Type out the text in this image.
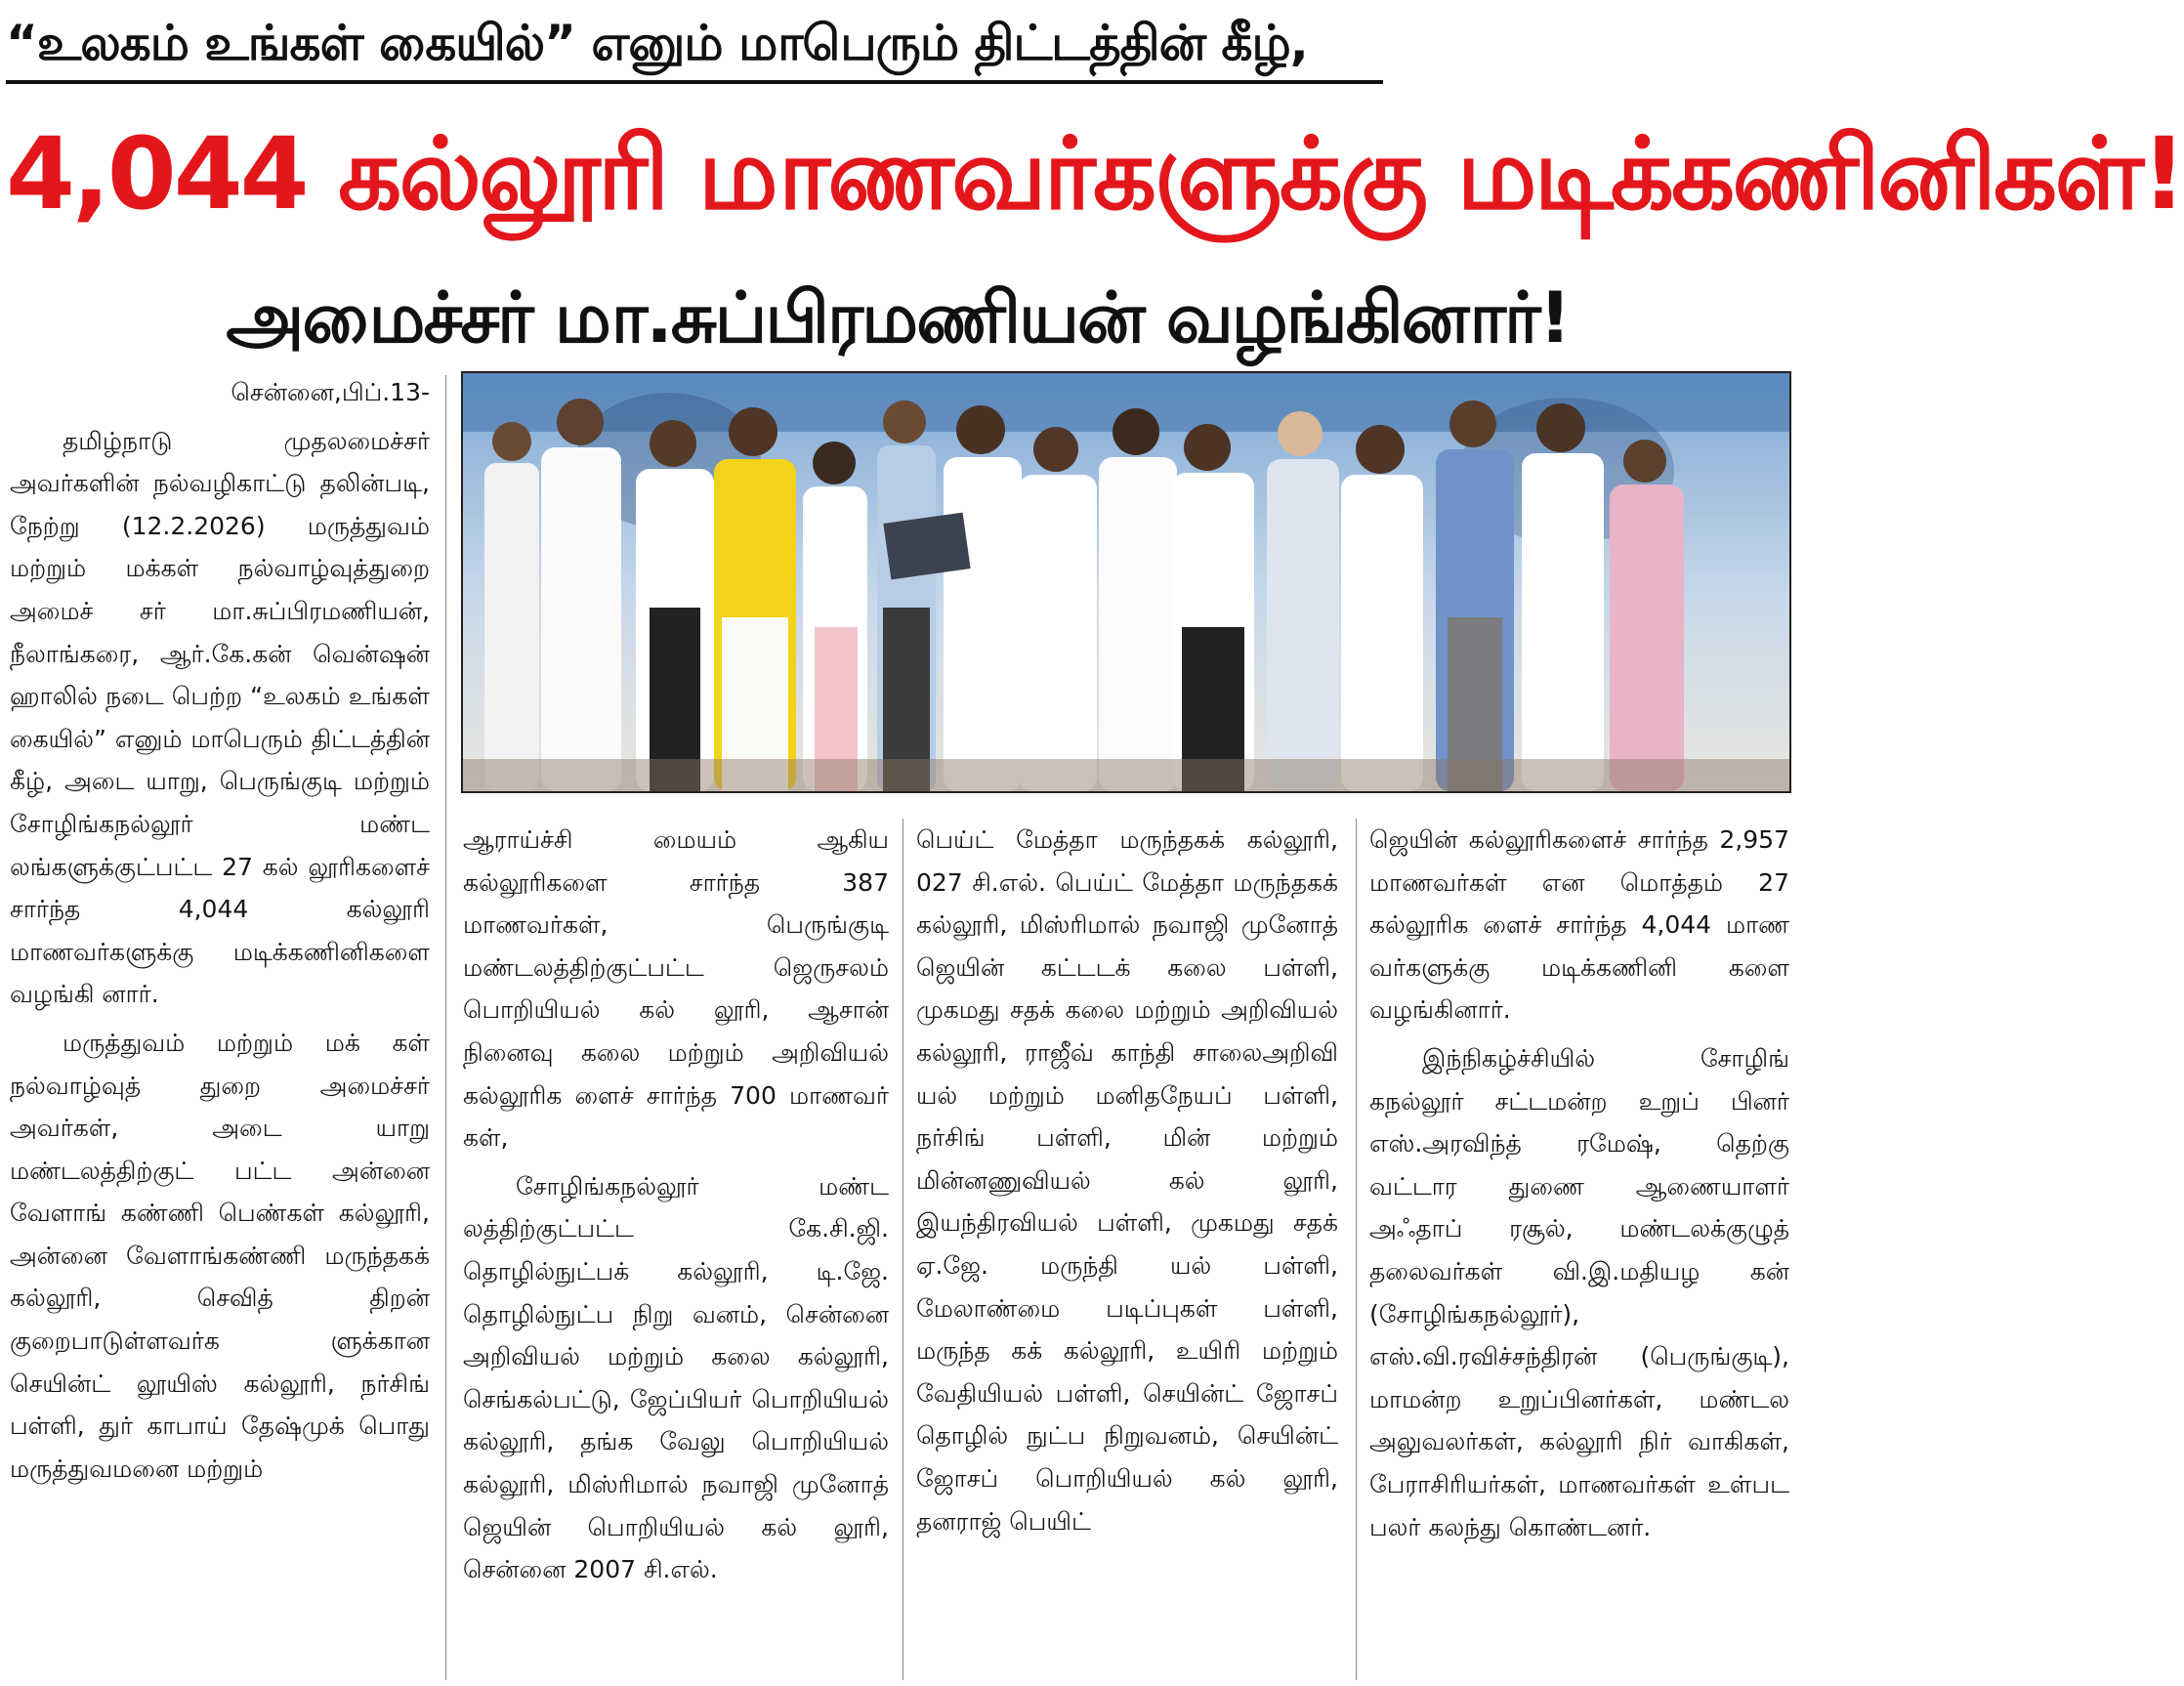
“உலகம் உங்கள் கையில்” எனும் மாபெரும் திட்டத்தின் கீழ்,
4,044 கல்லூரி மாணவர்களுக்கு மடிக்கணினிகள்!
அமைச்சர் மா.சுப்பிரமணியன் வழங்கினார்!

சென்னை,பிப்.13-

தமிழ்நாடு முதலமைச்சர் அவர்களின் நல்வழிகாட்டு தலின்படி, நேற்று (12.2.2026) மருத்துவம் மற்றும் மக்கள் நல்வாழ்வுத்துறை அமைச் சர் மா.சுப்பிரமணியன், நீலாங்கரை, ஆர்.கே.கன் வென்ஷன் ஹாலில் நடை பெற்ற “உலகம் உங்கள் கையில்” எனும் மாபெரும் திட்டத்தின் கீழ், அடை யாறு, பெருங்குடி மற்றும் சோழிங்கநல்லூர் மண்ட லங்களுக்குட்பட்ட 27 கல் லூரிகளைச் சார்ந்த 4,044 கல்லூரி மாணவர்களுக்கு மடிக்கணினிகளை வழங்கி னார்.

மருத்துவம் மற்றும் மக் கள் நல்வாழ்வுத் துறை அமைச்சர் அவர்கள், அடை யாறு மண்டலத்திற்குட் பட்ட அன்னை வேளாங் கண்ணி பெண்கள் கல்லூரி, அன்னை வேளாங்கண்ணி மருந்தகக் கல்லூரி, செவித் திறன் குறைபாடுள்ளவர்க ளுக்கான செயின்ட் லூயிஸ் கல்லூரி, நர்சிங் பள்ளி, துர் காபாய் தேஷ்முக் பொது மருத்துவமனை மற்றும்

ஆராய்ச்சி மையம் ஆகிய கல்லூரிகளை சார்ந்த 387 மாணவர்கள், பெருங்குடி மண்டலத்திற்குட்பட்ட ஜெருசலம் பொறியியல் கல் லூரி, ஆசான் நினைவு கலை மற்றும் அறிவியல் கல்லூரிக ளைச் சார்ந்த 700 மாணவர் கள்,

சோழிங்கநல்லூர் மண்ட லத்திற்குட்பட்ட கே.சி.ஜி. தொழில்நுட்பக் கல்லூரி, டி.ஜே. தொழில்நுட்ப நிறு வனம், சென்னை அறிவியல் மற்றும் கலை கல்லூரி, செங்கல்பட்டு, ஜேப்பியர் பொறியியல் கல்லூரி, தங்க வேலு பொறியியல் கல்லூரி, மிஸ்ரிமால் நவாஜி முனோத் ஜெயின் பொறியியல் கல் லூரி, சென்னை 2007 சி.எல்.

பெய்ட் மேத்தா மருந்தகக் கல்லூரி, 027 சி.எல். பெய்ட் மேத்தா மருந்தகக் கல்லூரி, மிஸ்ரிமால் நவாஜி முனோத் ஜெயின் கட்டடக் கலை பள்ளி, முகமது சதக் கலை மற்றும் அறிவியல் கல்லூரி, ராஜீவ் காந்தி சாலைஅறிவி யல் மற்றும் மனிதநேயப் பள்ளி, நர்சிங் பள்ளி, மின் மற்றும் மின்னணுவியல் கல் லூரி, இயந்திரவியல் பள்ளி, முகமது சதக் ஏ.ஜே. மருந்தி யல் பள்ளி, மேலாண்மை படிப்புகள் பள்ளி, மருந்த கக் கல்லூரி, உயிரி மற்றும் வேதியியல் பள்ளி, செயின்ட் ஜோசப் தொழில் நுட்ப நிறுவனம், செயின்ட் ஜோசப் பொறியியல் கல் லூரி, தனராஜ் பெயிட்

ஜெயின் கல்லூரிகளைச் சார்ந்த 2,957 மாணவர்கள் என மொத்தம் 27 கல்லூரிக ளைச் சார்ந்த 4,044 மாண வர்களுக்கு மடிக்கணினி களை வழங்கினார்.

இந்நிகழ்ச்சியில் சோழிங் கநல்லூர் சட்டமன்ற உறுப் பினர் எஸ்.அரவிந்த் ரமேஷ், தெற்கு வட்டார துணை ஆணையாளர் அஃதாப் ரசூல், மண்டலக்குழுத் தலைவர்கள் வி.இ.மதியழ கன் (சோழிங்கநல்லூர்), எஸ்.வி.ரவிச்சந்திரன் (பெருங்குடி), மாமன்ற உறுப்பினர்கள், மண்டல அலுவலர்கள், கல்லூரி நிர் வாகிகள், பேராசிரியர்கள், மாணவர்கள் உள்பட பலர் கலந்து கொண்டனர்.
